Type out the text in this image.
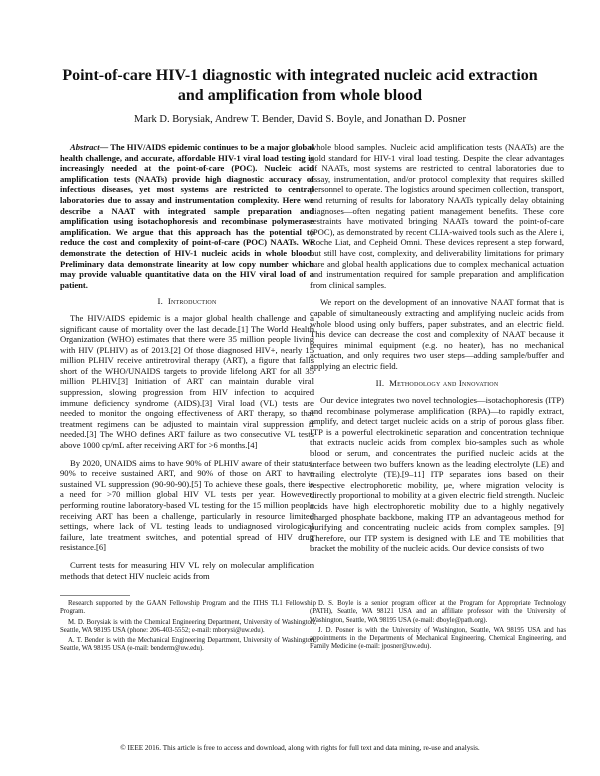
Point-of-care HIV-1 diagnostic with integrated nucleic acid extraction and amplification from whole blood
Mark D. Borysiak, Andrew T. Bender, David S. Boyle, and Jonathan D. Posner
Abstract— The HIV/AIDS epidemic continues to be a major global health challenge, and accurate, affordable HIV-1 viral load testing is increasingly needed at the point-of-care (POC). Nucleic acid amplification tests (NAATs) provide high diagnostic accuracy of infectious diseases, yet most systems are restricted to central laboratories due to assay and instrumentation complexity. Here we describe a NAAT with integrated sample preparation and amplification using isotachophoresis and recombinase polymerase amplification. We argue that this approach has the potential to reduce the cost and complexity of point-of-care (POC) NAATs. We demonstrate the detection of HIV-1 nucleic acids in whole blood. Preliminary data demonstrate linearity at low copy number which may provide valuable quantitative data on the HIV viral load of a patient.
I. Introduction

The HIV/AIDS epidemic is a major global health challenge and a significant cause of mortality over the last decade.[1] The World Health Organization (WHO) estimates that there were 35 million people living with HIV (PLHIV) as of 2013.[2] Of those diagnosed HIV+, nearly 15 million PLHIV receive antiretroviral therapy (ART), a figure that falls short of the WHO/UNAIDS targets to provide lifelong ART for all 35 million PLHIV.[3] Initiation of ART can maintain durable viral suppression, slowing progression from HIV infection to acquired immune deficiency syndrome (AIDS).[3] Viral load (VL) tests are needed to monitor the ongoing effectiveness of ART therapy, so that treatment regimens can be adjusted to maintain viral suppression if needed.[3] The WHO defines ART failure as two consecutive VL tests above 1000 cp/mL after receiving ART for >6 months.[4]

By 2020, UNAIDS aims to have 90% of PLHIV aware of their status, 90% to receive sustained ART, and 90% of those on ART to have sustained VL suppression (90-90-90).[5] To achieve these goals, there is a need for >70 million global HIV VL tests per year. However, performing routine laboratory-based VL testing for the 15 million people receiving ART has been a challenge, particularly in resource limited settings, where lack of VL testing leads to undiagnosed virological failure, late treatment switches, and potential spread of HIV drug resistance.[6]

Current tests for measuring HIV VL rely on molecular amplification methods that detect HIV nucleic acids from

whole blood samples. Nucleic acid amplification tests (NAATs) are the gold standard for HIV-1 viral load testing. Despite the clear advantages of NAATs, most systems are restricted to central laboratories due to assay, instrumentation, and/or protocol complexity that requires skilled personnel to operate. The logistics around specimen collection, transport, and returning of results for laboratory NAATs typically delay obtaining diagnoses—often negating patient management benefits. These core restraints have motivated bringing NAATs toward the point-of-care (POC), as demonstrated by recent CLIA-waived tools such as the Alere i, Roche Liat, and Cepheid Omni. These devices represent a step forward, but still have cost, complexity, and deliverability limitations for primary care and global health applications due to complex mechanical actuation and instrumentation required for sample preparation and amplification from clinical samples.

We report on the development of an innovative NAAT format that is capable of simultaneously extracting and amplifying nucleic acids from whole blood using only buffers, paper substrates, and an electric field. This device can decrease the cost and complexity of NAAT because it requires minimal equipment (e.g. no heater), has no mechanical actuation, and only requires two user steps—adding sample/buffer and applying an electric field.

II. Methodology and Innovation

Our device integrates two novel technologies—isotachophoresis (ITP) and recombinase polymerase amplification (RPA)—to rapidly extract, amplify, and detect target nucleic acids on a strip of porous glass fiber. ITP is a powerful electrokinetic separation and concentration technique that extracts nucleic acids from complex bio-samples such as whole blood or serum, and concentrates the purified nucleic acids at the interface between two buffers known as the leading electrolyte (LE) and trailing electrolyte (TE).[9–11] ITP separates ions based on their respective electrophoretic mobility, μe, where migration velocity is directly proportional to mobility at a given electric field strength. Nucleic acids have high electrophoretic mobility due to a highly negatively charged phosphate backbone, making ITP an advantageous method for purifying and concentrating nucleic acids from complex samples. [9] Therefore, our ITP system is designed with LE and TE mobilities that bracket the mobility of the nucleic acids. Our device consists of two

Research supported by the GAAN Fellowship Program and the ITHS TL1 Fellowship Program.

M. D. Borysiak is with the Chemical Engineering Department, University of Washington, Seattle, WA 98195 USA (phone: 206-403-5552; e-mail: mborysi@uw.edu).

A. T. Bender is with the Mechanical Engineering Department, University of Washington, Seattle, WA 98195 USA (e-mail: benderm@uw.edu).

D. S. Boyle is a senior program officer at the Program for Appropriate Technology (PATH), Seattle, WA 98121 USA and an affiliate professor with the University of Washington, Seattle, WA 98195 USA (e-mail: dboyle@path.org).

J. D. Posner is with the University of Washington, Seattle, WA 98195 USA and has appointments in the Departments of Mechanical Engineering, Chemical Engineering, and Family Medicine (e-mail: jposner@uw.edu).

© IEEE 2016. This article is free to access and download, along with rights for full text and data mining, re-use and analysis.
